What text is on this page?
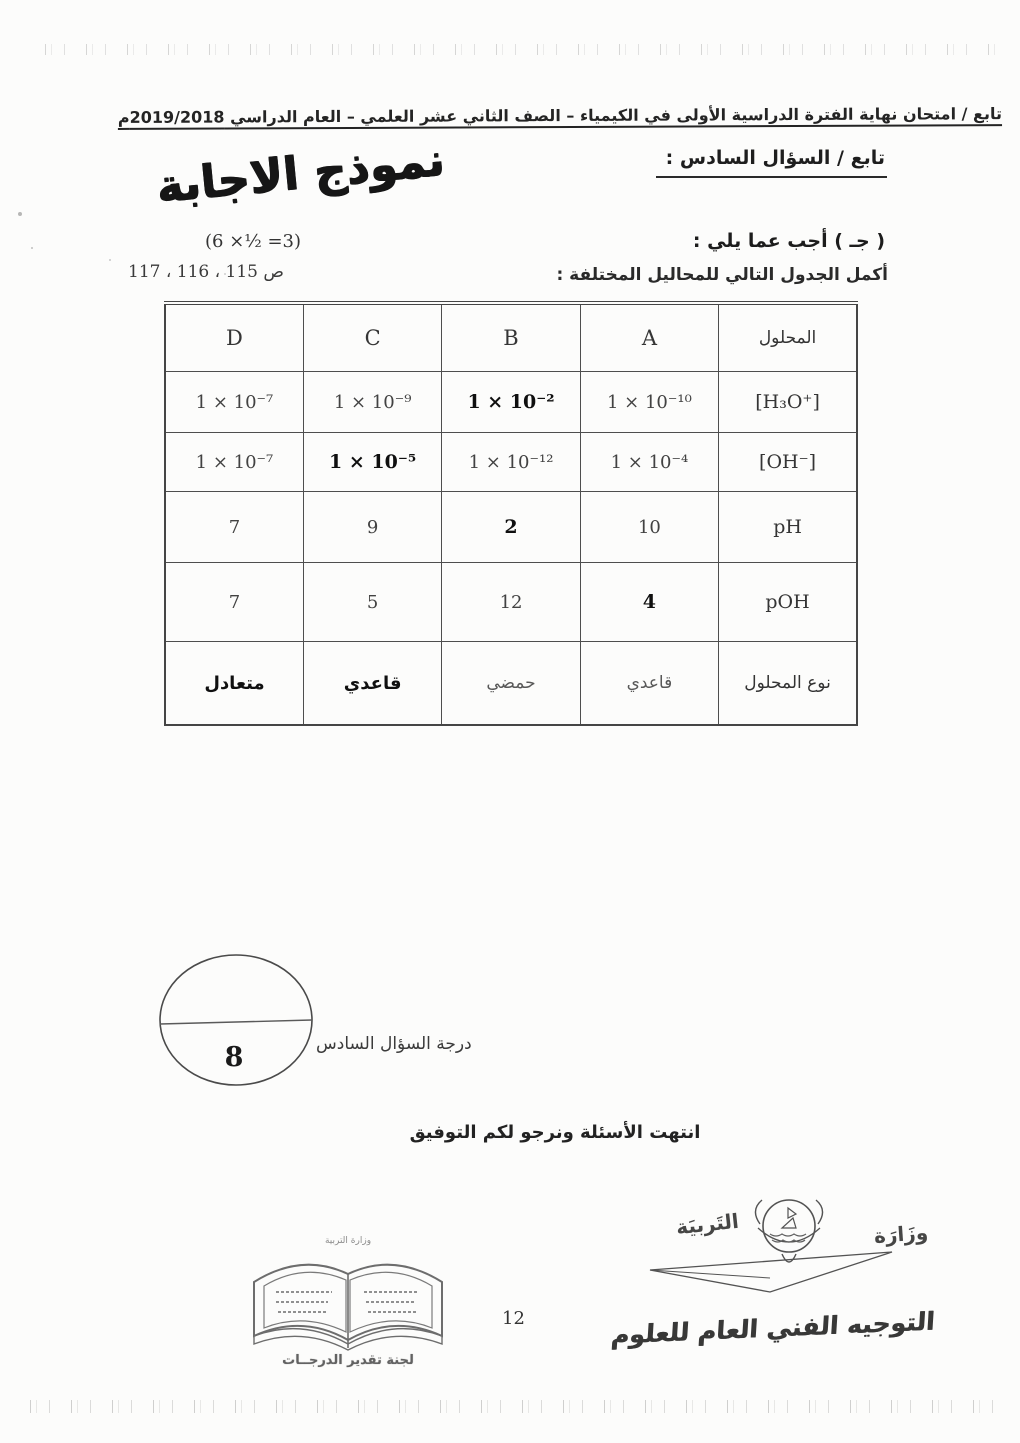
تابع / امتحان نهاية الفترة الدراسية الأولى في الكيمياء – الصف الثاني عشر العلمي – العام الدراسي 2019/2018م
تابع / السؤال السادس :
نموذج الاجابة
( جـ ) أجب عما يلي :
(6 ×½ =3)
أكمل الجدول التالي للمحاليل المختلفة :
ص 115 ، 116 ، 117
المحلول	A	B	C	D
[H₃O⁺]	1 × 10⁻¹⁰	1 × 10⁻²	1 × 10⁻⁹	1 × 10⁻⁷
[OH⁻]	1 × 10⁻⁴	1 × 10⁻¹²	1 × 10⁻⁵	1 × 10⁻⁷
pH	10	2	9	7
pOH	4	12	5	7
نوع المحلول	قاعدي	حمضي	قاعدي	متعادل
8	درجة السؤال السادس
انتهت الأسئلة ونرجو لكم التوفيق
وزَارَة
التَربيَة
التوجيه الفني العام للعلوم
وزارة التربية
لجنة تقدير الدرجــات
12
